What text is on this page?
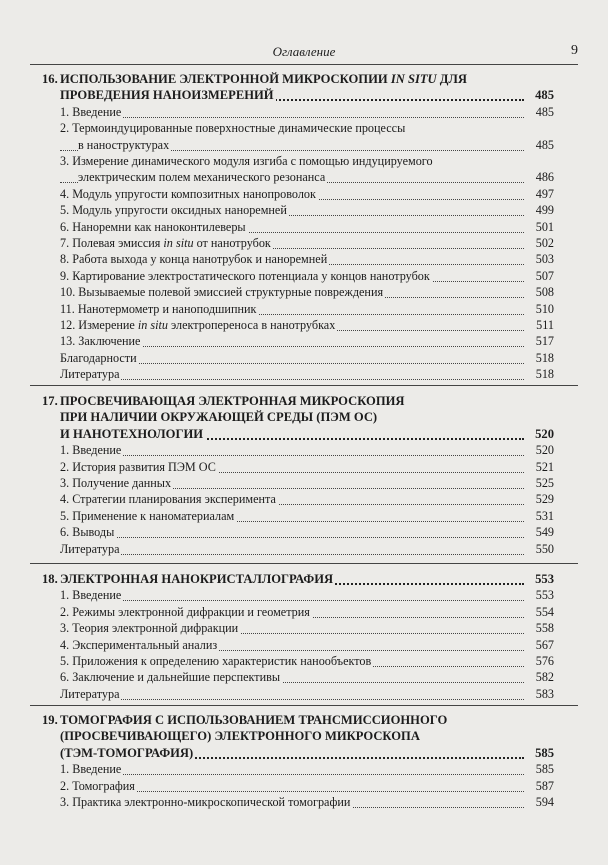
Оглавление	9
16. ИСПОЛЬЗОВАНИЕ ЭЛЕКТРОННОЙ МИКРОСКОПИИ IN SITU ДЛЯ
ПРОВЕДЕНИЯ НАНОИЗМЕРЕНИЙ	485
1. Введение	485
2. Термоиндуцированные поверхностные динамические процессы
в наноструктурах	485
3. Измерение динамического модуля изгиба с помощью индуцируемого
электрическим полем механического резонанса	486
4. Модуль упругости композитных нанопроволок	497
5. Модуль упругости оксидных наноремней	499
6. Наноремни как наноконтилеверы	501
7. Полевая эмиссия in situ от нанотрубок	502
8. Работа выхода у конца нанотрубок и наноремней	503
9. Картирование электростатического потенциала у концов нанотрубок	507
10. Вызываемые полевой эмиссией структурные повреждения	508
11. Нанотермометр и наноподшипник	510
12. Измерение in situ электропереноса в нанотрубках	511
13. Заключение	517
Благодарности	518
Литература	518
17. ПРОСВЕЧИВАЮЩАЯ ЭЛЕКТРОННАЯ МИКРОСКОПИЯ
ПРИ НАЛИЧИИ ОКРУЖАЮЩЕЙ СРЕДЫ (ПЭМ ОС)
И НАНОТЕХНОЛОГИИ	520
1. Введение	520
2. История развития ПЭМ ОС	521
3. Получение данных	525
4. Стратегии планирования эксперимента	529
5. Применение к наноматериалам	531
6. Выводы	549
Литература	550
18. ЭЛЕКТРОННАЯ НАНОКРИСТАЛЛОГРАФИЯ	553
1. Введение	553
2. Режимы электронной дифракции и геометрия	554
3. Теория электронной дифракции	558
4. Экспериментальный анализ	567
5. Приложения к определению характеристик нанообъектов	576
6. Заключение и дальнейшие перспективы	582
Литература	583
19. ТОМОГРАФИЯ С ИСПОЛЬЗОВАНИЕМ ТРАНСМИССИОННОГО
(ПРОСВЕЧИВАЮЩЕГО) ЭЛЕКТРОННОГО МИКРОСКОПА
(ТЭМ-ТОМОГРАФИЯ)	585
1. Введение	585
2. Томография	587
3. Практика электронно-микроскопической томографии	594
